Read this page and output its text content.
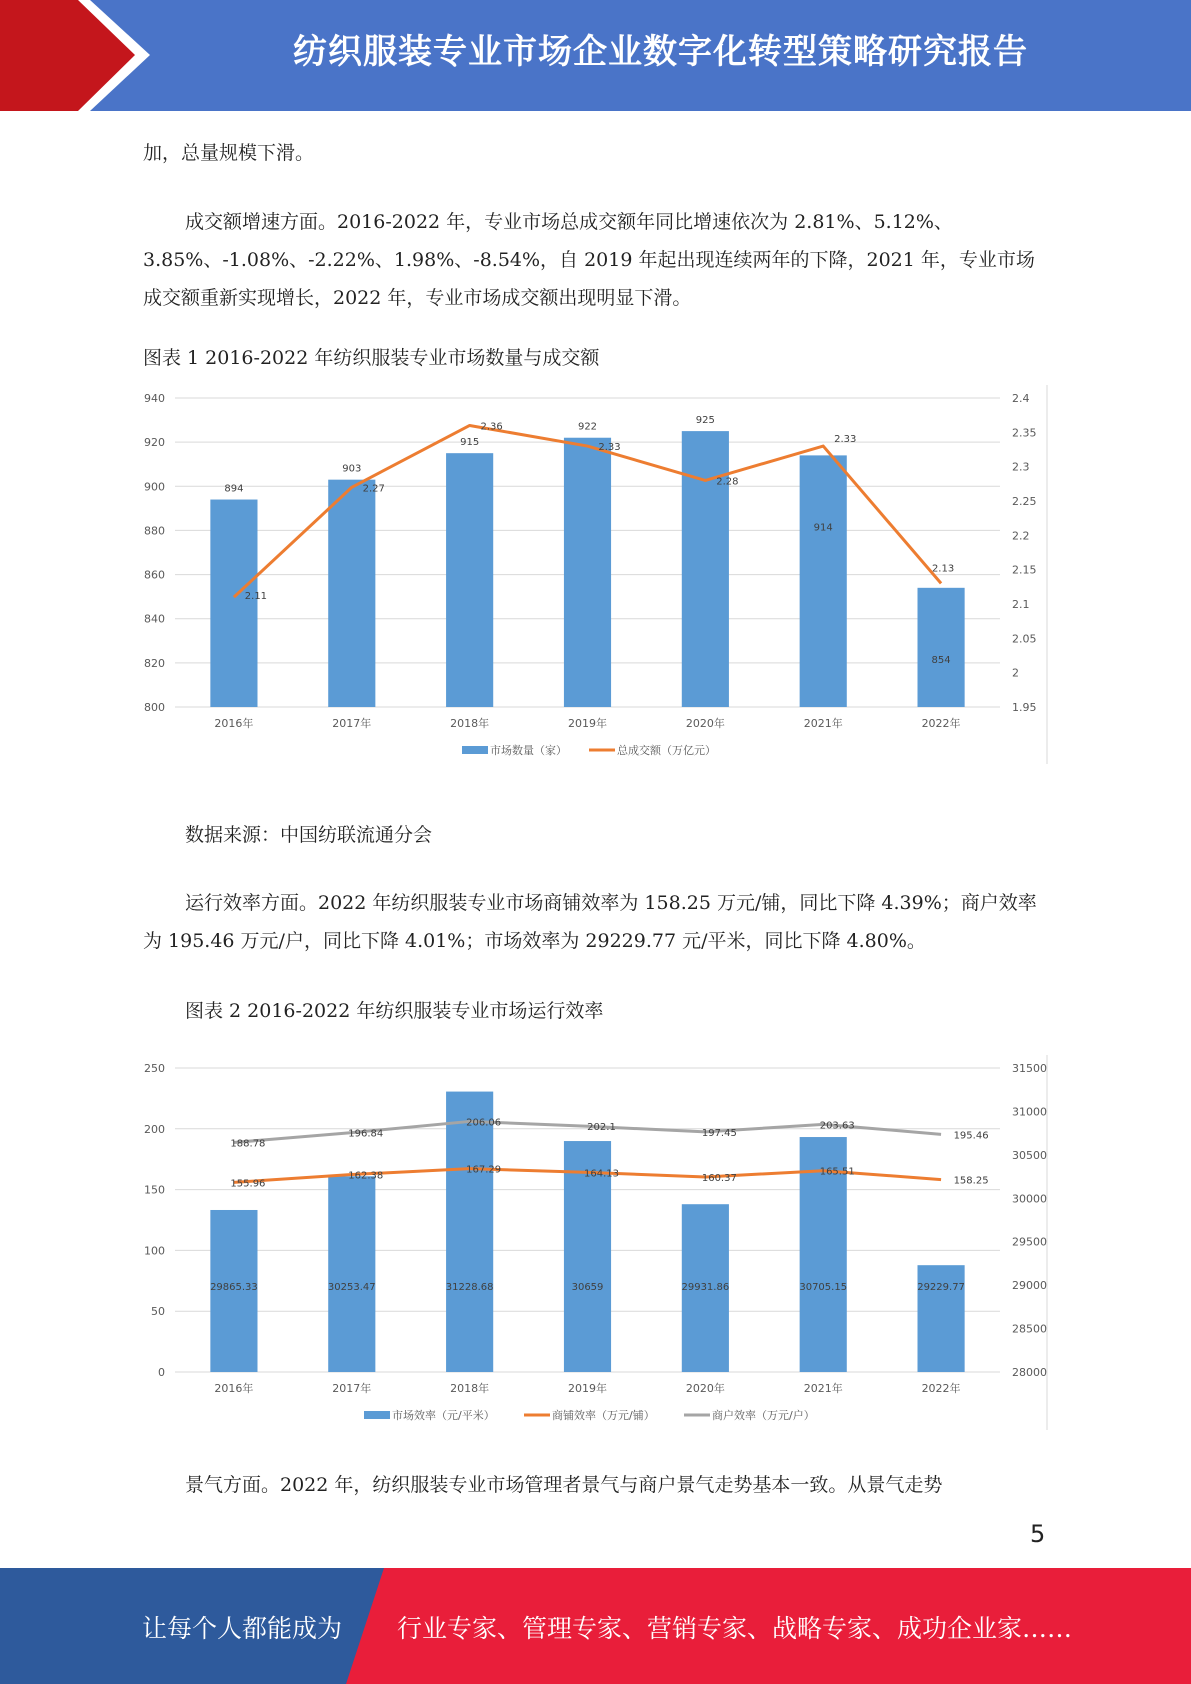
纺织服装专业市场企业数字化转型策略研究报告

加，总量规模下滑。

成交额增速方面。2016-2022 年，专业市场总成交额年同比增速依次为 2.81%、5.12%、3.85%、-1.08%、-2.22%、1.98%、-8.54%，自 2019 年起出现连续两年的下降，2021 年，专业市场成交额重新实现增长，2022 年，专业市场成交额出现明显下滑。

图表 1 2016-2022 年纺织服装专业市场数量与成交额
800
820
840
860
880
900
920
940
1.95
2
2.05
2.1
2.15
2.2
2.25
2.3
2.35
2.4
2016年	2017年	2018年	2019年	2020年	2021年	2022年
894
903
915
922
925
914
854
2.11
2.27
2.36
2.33
2.28
2.33
2.13
市场数量（家）	总成交额（万亿元）

数据来源：中国纺联流通分会

运行效率方面。2022 年纺织服装专业市场商铺效率为 158.25 万元/铺，同比下降 4.39%；商户效率为 195.46 万元/户，同比下降 4.01%；市场效率为 29229.77 元/平米，同比下降 4.80%。

图表 2 2016-2022 年纺织服装专业市场运行效率
0
50
100
150
200
250
28000
28500
29000
29500
30000
30500
31000
31500
2016年	2017年	2018年	2019年	2020年	2021年	2022年
29865.33	30253.47	31228.68	30659	29931.86	30705.15	29229.77
155.96
162.38
167.29	164.13	160.37
165.51
158.25
188.78
196.84
206.06	202.1
197.45
203.63
195.46
市场效率（元/平米）	商铺效率（万元/铺）	商户效率（万元/户）

景气方面。2022 年，纺织服装专业市场管理者景气与商户景气走势基本一致。从景气走势

5
让每个人都能成为 行业专家、管理专家、营销专家、战略专家、成功企业家……
